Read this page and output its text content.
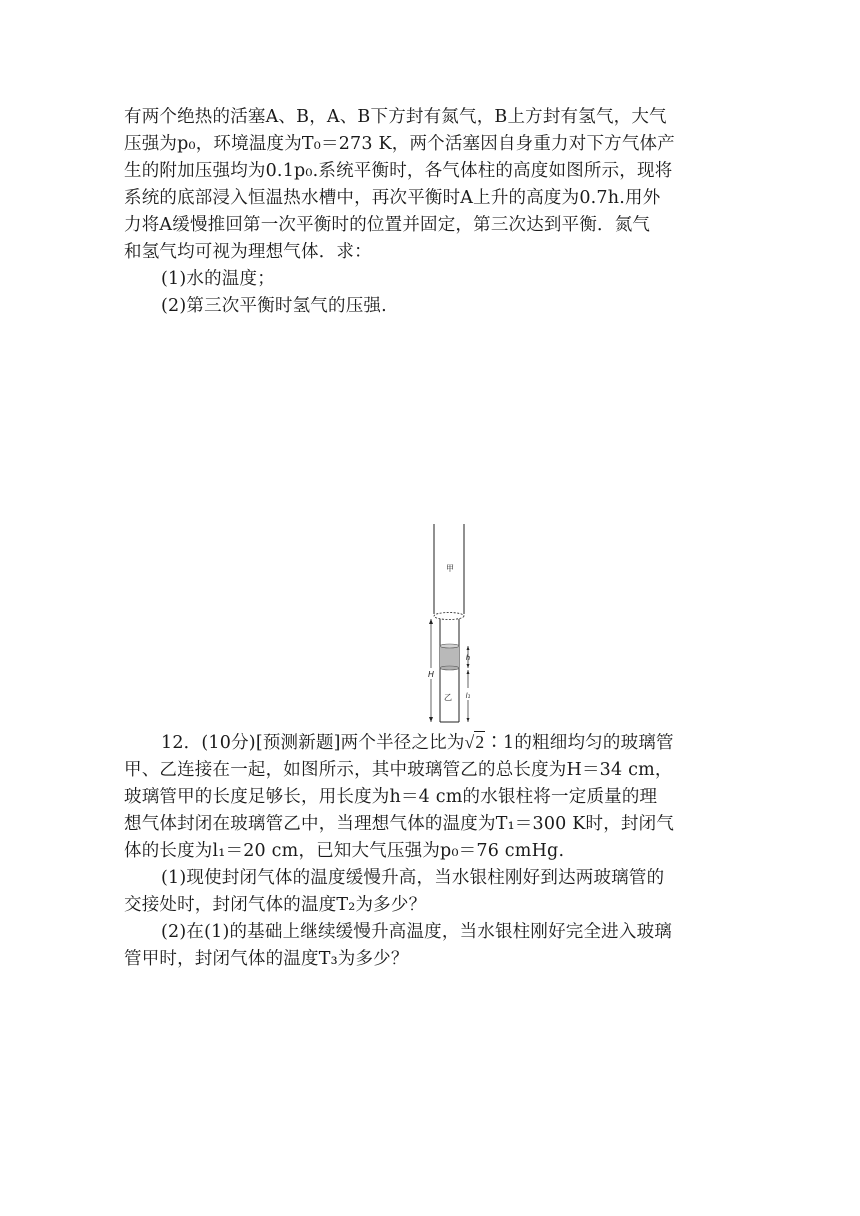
有两个绝热的活塞A、B，A、B下方封有氮气，B上方封有氢气，大气

压强为p₀，环境温度为T₀＝273 K，两个活塞因自身重力对下方气体产

生的附加压强均为0.1p₀.系统平衡时，各气体柱的高度如图所示，现将

系统的底部浸入恒温热水槽中，再次平衡时A上升的高度为0.7h.用外

力将A缓慢推回第一次平衡时的位置并固定，第三次达到平衡．氮气

和氢气均可视为理想气体．求：

(1)水的温度；

(2)第三次平衡时氢气的压强.

甲
H
h
l₁
乙

12．(10分)[预测新题]两个半径之比为√2∶1的粗细均匀的玻璃管

甲、乙连接在一起，如图所示，其中玻璃管乙的总长度为H＝34 cm，

玻璃管甲的长度足够长，用长度为h＝4 cm的水银柱将一定质量的理

想气体封闭在玻璃管乙中，当理想气体的温度为T₁＝300 K时，封闭气

体的长度为l₁＝20 cm，已知大气压强为p₀＝76 cmHg.

(1)现使封闭气体的温度缓慢升高，当水银柱刚好到达两玻璃管的

交接处时，封闭气体的温度T₂为多少？

(2)在(1)的基础上继续缓慢升高温度，当水银柱刚好完全进入玻璃

管甲时，封闭气体的温度T₃为多少？
